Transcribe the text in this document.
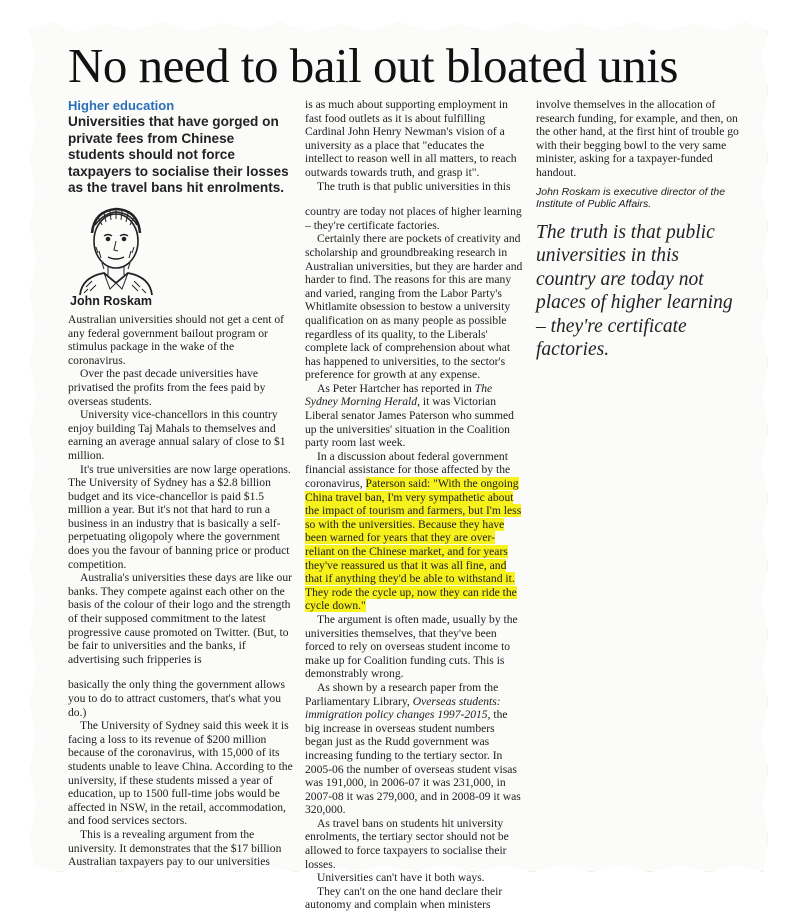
No need to bail out bloated unis
Higher education
Universities that have gorged on private fees from Chinese students should not force taxpayers to socialise their losses as the travel bans hit enrolments.
John Roskam

Australian universities should not get a cent of any federal government bailout program or stimulus package in the wake of the coronavirus.

Over the past decade universities have privatised the profits from the fees paid by overseas students.

University vice-chancellors in this country enjoy building Taj Mahals to themselves and earning an average annual salary of close to $1 million.

It's true universities are now large operations. The University of Sydney has a $2.8 billion budget and its vice-chancellor is paid $1.5 million a year. But it's not that hard to run a business in an industry that is basically a self-perpetuating oligopoly where the government does you the favour of banning price or product competition.

Australia's universities these days are like our banks. They compete against each other on the basis of the colour of their logo and the strength of their supposed commitment to the latest progressive cause promoted on Twitter. (But, to be fair to universities and the banks, if advertising such fripperies is

basically the only thing the government allows you to do to attract customers, that's what you do.)

The University of Sydney said this week it is facing a loss to its revenue of $200 million because of the coronavirus, with 15,000 of its students unable to leave China. According to the university, if these students missed a year of education, up to 1500 full-time jobs would be affected in NSW, in the retail, accommodation, and food services sectors.

This is a revealing argument from the university. It demonstrates that the $17 billion Australian taxpayers pay to our universities

is as much about supporting employment in fast food outlets as it is about fulfilling Cardinal John Henry Newman's vision of a university as a place that "educates the intellect to reason well in all matters, to reach outwards towards truth, and grasp it".

The truth is that public universities in this

country are today not places of higher learning – they're certificate factories.

Certainly there are pockets of creativity and scholarship and groundbreaking research in Australian universities, but they are harder and harder to find. The reasons for this are many and varied, ranging from the Labor Party's Whitlamite obsession to bestow a university qualification on as many people as possible regardless of its quality, to the Liberals' complete lack of comprehension about what has happened to universities, to the sector's preference for growth at any expense.

As Peter Hartcher has reported in The Sydney Morning Herald, it was Victorian Liberal senator James Paterson who summed up the universities' situation in the Coalition party room last week.

In a discussion about federal government financial assistance for those affected by the coronavirus, Paterson said: "With the ongoing China travel ban, I'm very sympathetic about the impact of tourism and farmers, but I'm less so with the universities. Because they have been warned for years that they are over-reliant on the Chinese market, and for years they've reassured us that it was all fine, and that if anything they'd be able to withstand it. They rode the cycle up, now they can ride the cycle down."

The argument is often made, usually by the universities themselves, that they've been forced to rely on overseas student income to make up for Coalition funding cuts. This is demonstrably wrong.

As shown by a research paper from the Parliamentary Library, Overseas students: immigration policy changes 1997-2015, the big increase in overseas student numbers began just as the Rudd government was increasing funding to the tertiary sector. In 2005-06 the number of overseas student visas was 191,000, in 2006-07 it was 231,000, in 2007-08 it was 279,000, and in 2008-09 it was 320,000.

As travel bans on students hit university enrolments, the tertiary sector should not be allowed to force taxpayers to socialise their losses.

Universities can't have it both ways.

They can't on the one hand declare their autonomy and complain when ministers

involve themselves in the allocation of research funding, for example, and then, on the other hand, at the first hint of trouble go with their begging bowl to the very same minister, asking for a taxpayer-funded handout.

John Roskam is executive director of the Institute of Public Affairs.
The truth is that public universities in this country are today not places of higher learning – they're certificate factories.
